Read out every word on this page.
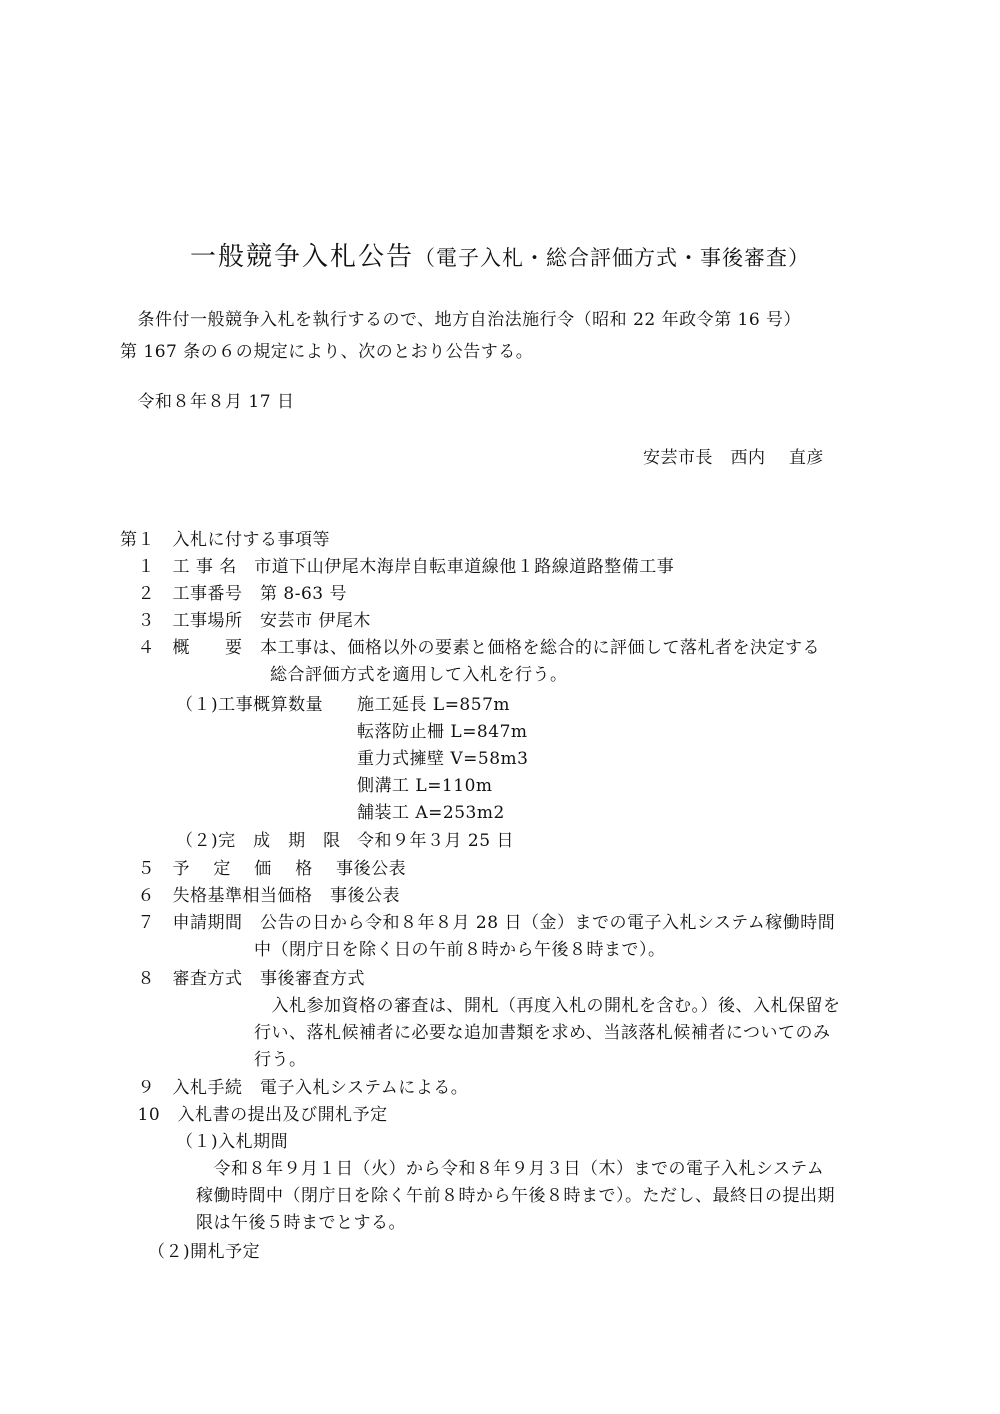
一般競争入札公告（電子入札・総合評価方式・事後審査）
　条件付一般競争入札を執行するので、地方自治法施行令（昭和 22 年政令第 16 号）
第 167 条の６の規定により、次のとおり公告する。
　令和８年８月 17 日
安芸市長　西内　 直彦
第１　入札に付する事項等
　１　工 事 名　市道下山伊尾木海岸自転車道線他１路線道路整備工事
　２　工事番号　第 8-63 号
　３　工事場所　安芸市 伊尾木
　４　概　　要　本工事は、価格以外の要素と価格を総合的に評価して落札者を決定する
総合評価方式を適用して入札を行う。
（１)工事概算数量 施工延長 L=857m
転落防止柵 L=847m
重力式擁壁 V=58m3
側溝工 L=110m
舗装工 A=253m2
（２)完　成　期　限 令和９年３月 25 日
　５　予　 定　 価　 格　 事後公表
　６　失格基準相当価格　事後公表
　７　申請期間　公告の日から令和８年８月 28 日（金）までの電子入札システム稼働時間
中（閉庁日を除く日の午前８時から午後８時まで）。
　８　審査方式　事後審査方式
　入札参加資格の審査は、開札（再度入札の開札を含む。）後、入札保留を
行い、落札候補者に必要な追加書類を求め、当該落札候補者についてのみ
行う。
　９　入札手続　電子入札システムによる。
　10　入札書の提出及び開札予定
（１)入札期間
　令和８年９月１日（火）から令和８年９月３日（木）までの電子入札システム
稼働時間中（閉庁日を除く午前８時から午後８時まで）。ただし、最終日の提出期
限は午後５時までとする。
（２)開札予定
